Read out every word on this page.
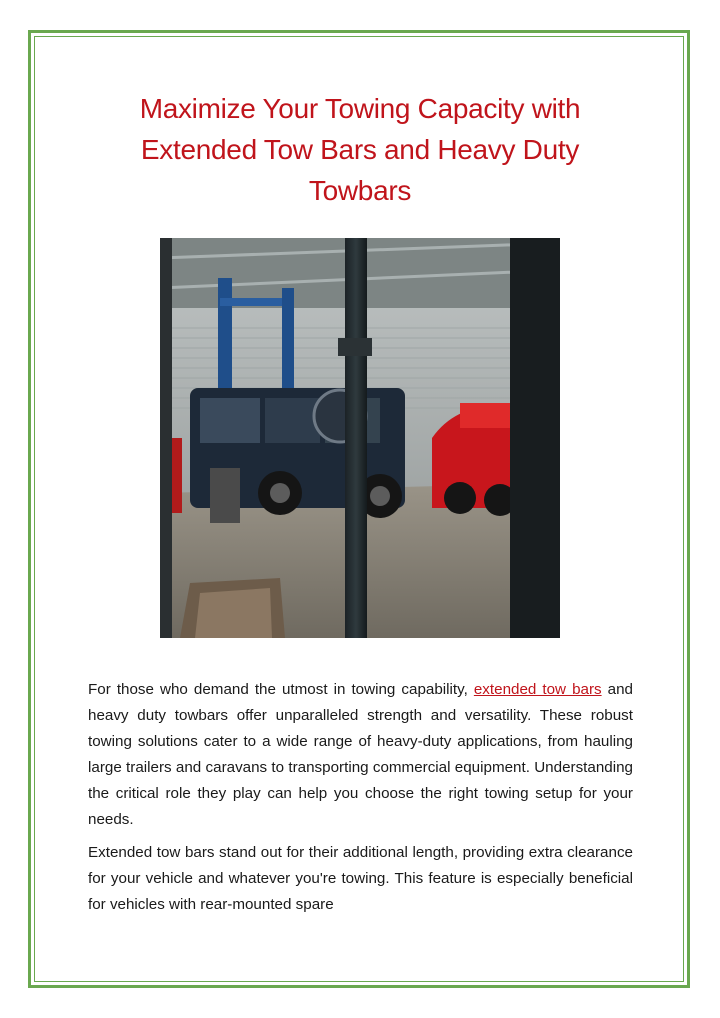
Maximize Your Towing Capacity with
Extended Tow Bars and Heavy Duty
Towbars

For those who demand the utmost in towing capability, extended tow bars and heavy duty towbars offer unparalleled strength and versatility. These robust towing solutions cater to a wide range of heavy-duty applications, from hauling large trailers and caravans to transporting commercial equipment. Understanding the critical role they play can help you choose the right towing setup for your needs.

Extended tow bars stand out for their additional length, providing extra clearance for your vehicle and whatever you're towing. This feature is especially beneficial for vehicles with rear-mounted spare
